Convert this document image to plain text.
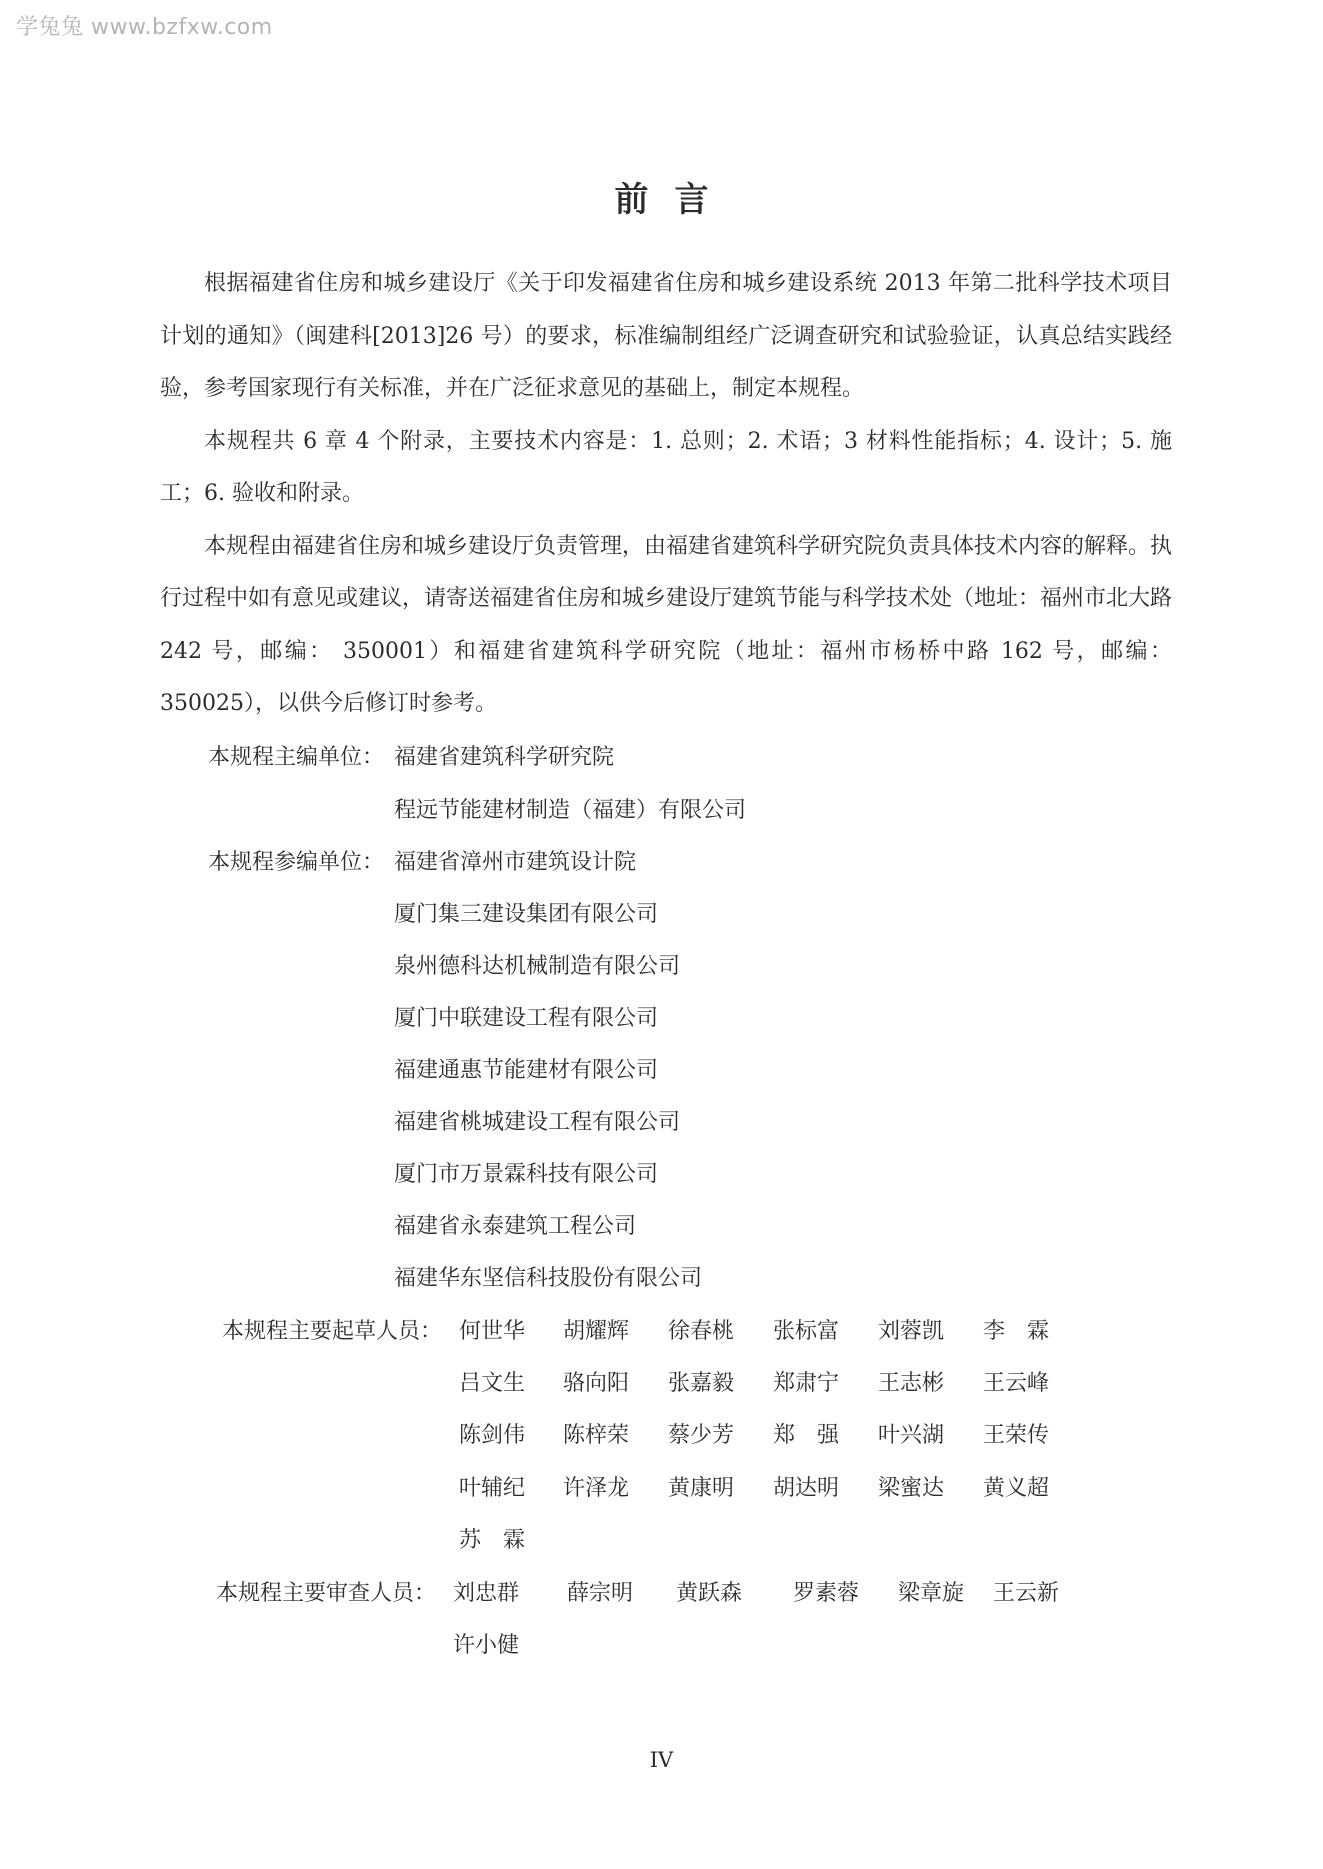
学兔兔 www.bzfxw.com
前言

根据福建省住房和城乡建设厅《关于印发福建省住房和城乡建设系统 2013 年第二批科学技术项目计划的通知》（闽建科[2013]26 号）的要求，标准编制组经广泛调查研究和试验验证，认真总结实践经验，参考国家现行有关标准，并在广泛征求意见的基础上，制定本规程。

本规程共 6 章 4 个附录，主要技术内容是：1. 总则；2. 术语；3 材料性能指标；4. 设计；5. 施工；6. 验收和附录。

本规程由福建省住房和城乡建设厅负责管理，由福建省建筑科学研究院负责具体技术内容的解释。执行过程中如有意见或建议，请寄送福建省住房和城乡建设厅建筑节能与科学技术处（地址：福州市北大路 242 号，邮编： 350001）和福建省建筑科学研究院（地址：福州市杨桥中路 162 号，邮编：350025），以供今后修订时参考。

本规程主编单位： 福建省建筑科学研究院
程远节能建材制造（福建）有限公司
本规程参编单位： 福建省漳州市建筑设计院
厦门集三建设集团有限公司
泉州德科达机械制造有限公司
厦门中联建设工程有限公司
福建通惠节能建材有限公司
福建省桃城建设工程有限公司
厦门市万景霖科技有限公司
福建省永泰建筑工程公司
福建华东坚信科技股份有限公司
本规程主要起草人员： 何世华 胡耀辉 徐春桃 张标富 刘蓉凯 李　霖
吕文生 骆向阳 张嘉毅 郑肃宁 王志彬 王云峰
陈剑伟 陈梓荣 蔡少芳 郑　强 叶兴湖 王荣传
叶辅纪 许泽龙 黄康明 胡达明 梁蜜达 黄义超
苏　霖
本规程主要审查人员： 刘忠群 薛宗明 黄跃森 罗素蓉 梁章旋 王云新
许小健
IV
